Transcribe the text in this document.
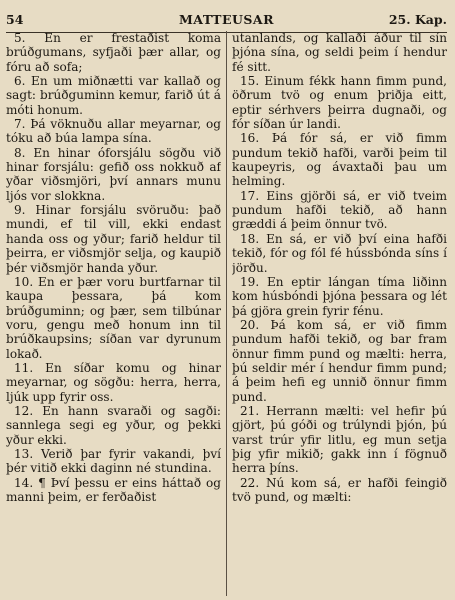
54	MATTEUSAR	25. Kap.

5. En er frestaðist koma brúðgumans, syfjaði þær allar, og fóru að sofa;

6. En um miðnætti var kallað og sagt: brúðguminn kemur, farið út á móti honum.

7. Þá vöknuðu allar meyarnar, og tóku að búa lampa sína.

8. En hinar óforsjálu sögðu við hinar forsjálu: gefið oss nokkuð af yðar viðsmjöri, því annars munu ljós vor slokkna.

9. Hinar forsjálu svöruðu: það mundi, ef til vill, ekki endast handa oss og yður; farið heldur til þeirra, er viðsmjör selja, og kaupið þér viðsmjör handa yður.

10. En er þær voru burtfarnar til kaupa þessara, þá kom brúðguminn; og þær, sem tilbúnar voru, gengu með honum inn til brúðkaupsins; síðan var dyrunum lokað.

11. En síðar komu og hinar meyarnar, og sögðu: herra, herra, ljúk upp fyrir oss.

12. En hann svaraði og sagði: sannlega segi eg yður, og þekki yður ekki.

13. Verið þar fyrir vakandi, því þér vitið ekki daginn né stundina.

14. ¶ Því þessu er eins háttað og manni þeim, er ferðaðist

utanlands, og kallaði áður til sín þjóna sína, og seldi þeim í hendur fé sitt.

15. Einum fékk hann fimm pund, öðrum tvö og enum þriðja eitt, eptir sérhvers þeirra dugnaði, og fór síðan úr landi.

16. Þá fór sá, er við fimm pundum tekið hafði, varði þeim til kaupeyris, og ávaxtaði þau um helming.

17. Eins gjörði sá, er við tveim pundum hafði tekið, að hann græddi á þeim önnur tvö.

18. En sá, er við því eina hafði tekið, fór og fól fé hússbónda síns í jörðu.

19. En eptir lángan tíma liðinn kom húsbóndi þjóna þessara og lét þá gjöra grein fyrir fénu.

20. Þá kom sá, er við fimm pundum hafði tekið, og bar fram önnur fimm pund og mælti: herra, þú seldir mér í hendur fimm pund; á þeim hefi eg unnið önnur fimm pund.

21. Herrann mælti: vel hefir þú gjört, þú góði og trúlyndi þjón, þú varst trúr yfir litlu, eg mun setja þig yfir mikið; gakk inn í fögnuð herra þíns.

22. Nú kom sá, er hafði feingið tvö pund, og mælti:
